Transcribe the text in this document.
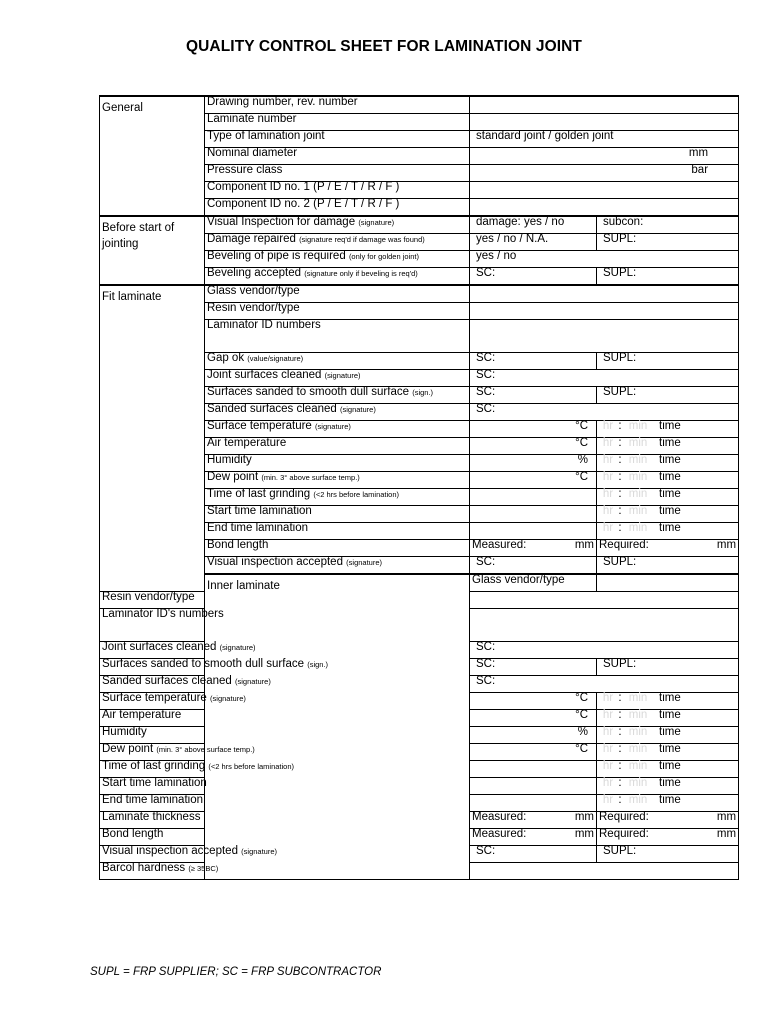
QUALITY CONTROL SHEET FOR LAMINATION JOINT
General	Drawing number, rev. number		
	Laminate number		
	Type of lamination joint	standard joint / golden joint	
	Nominal diameter	mm	
	Pressure class	bar	
	Component ID no. 1 (P / E / T / R / F )		
	Component ID no. 2 (P / E / T / R / F )		
Before start of jointing	Visual Inspection for damage (signature)	damage: yes / no	subcon:
	Damage repaired (signature req'd if damage was found)	yes / no / N.A.	SUPL:
	Beveling of pipe is required (only for golden joint)	yes / no	
	Beveling accepted (signature only if beveling is req'd)	SC:	SUPL:
Fit laminate	Glass vendor/type		
	Resin vendor/type		
	Laminator ID numbers		
	Gap ok (value/signature)	SC:	SUPL:
	Joint surfaces cleaned (signature)	SC:	
	Surfaces sanded to smooth dull surface (sign.)	SC:	SUPL:
	Sanded surfaces cleaned (signature)	SC:	
	Surface temperature (signature)	°C	hr : min time

	Air temperature	°C	hr : min time

	Humidity	%	hr : min time

	Dew point (min. 3° above surface temp.)	°C	hr : min time

	Time of last grinding (<2 hrs before lamination)		hr : min time

	Start time lamination		hr : min time

	End time lamination		hr : min time

	Bond length	Measured: mm	Required: mm

	Visual inspection accepted (signature)	SC:	SUPL:
	Inner laminate	Glass vendor/type	
Resin vendor/type			
Laminator ID's numbers			
Joint surfaces cleaned (signature)		SC:	
Surfaces sanded to smooth dull surface (sign.)		SC:	SUPL:
Sanded surfaces cleaned (signature)		SC:	
Surface temperature (signature)		°C	hr : min time

Air temperature		°C	hr : min time

Humidity		%	hr : min time

Dew point (min. 3° above surface temp.)		°C	hr : min time

Time of last grinding (<2 hrs before lamination)			hr : min time

Start time lamination			hr : min time

End time lamination			hr : min time

Laminate thickness		Measured: mm	Required: mm

Bond length		Measured: mm	Required: mm

Visual inspection accepted (signature)		SC:	SUPL:
Barcol hardness (≥ 35BC)			
SUPL = FRP SUPPLIER; SC = FRP SUBCONTRACTOR
